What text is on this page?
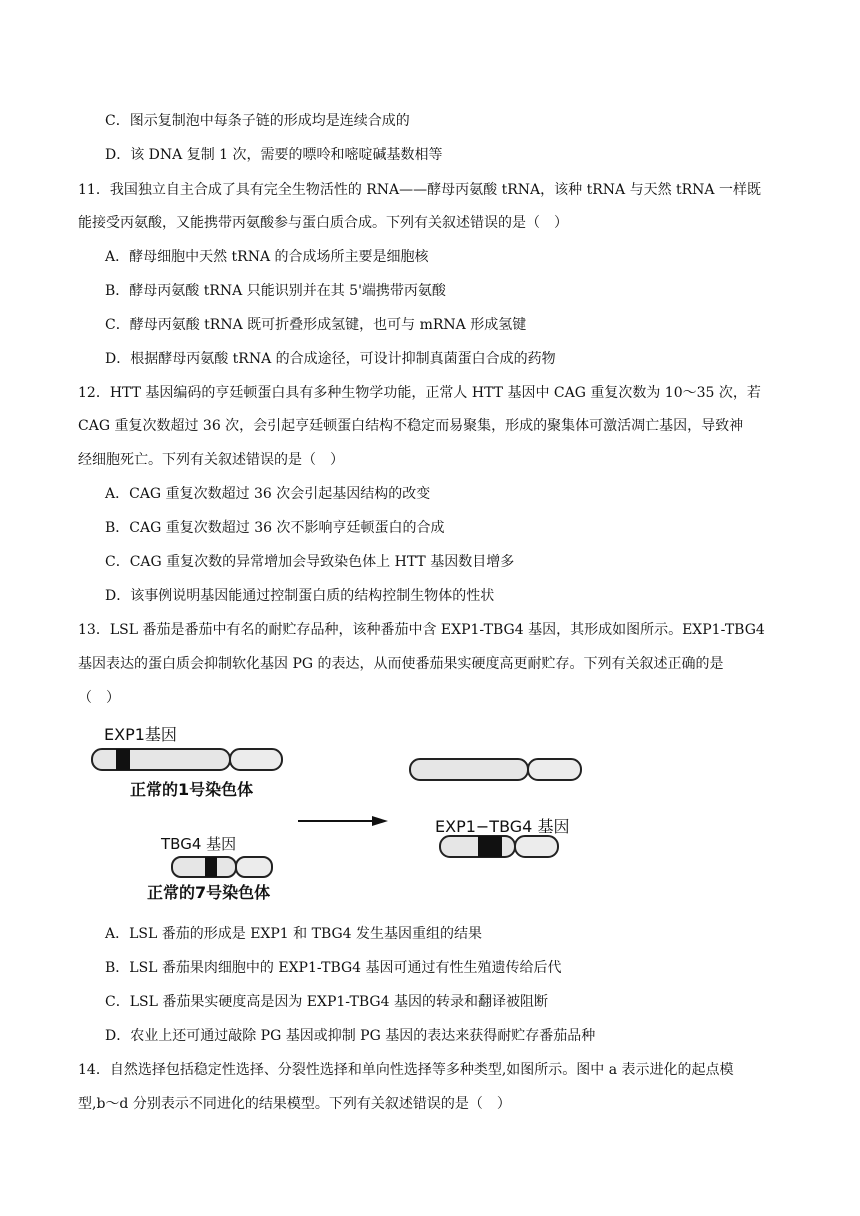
C．图示复制泡中每条子链的形成均是连续合成的
D．该 DNA 复制 1 次，需要的嘌呤和嘧啶碱基数相等
11．我国独立自主合成了具有完全生物活性的 RNA——酵母丙氨酸 tRNA，该种 tRNA 与天然 tRNA 一样既
能接受丙氨酸，又能携带丙氨酸参与蛋白质合成。下列有关叙述错误的是（　）
A．酵母细胞中天然 tRNA 的合成场所主要是细胞核
B．酵母丙氨酸 tRNA 只能识别并在其 5'端携带丙氨酸
C．酵母丙氨酸 tRNA 既可折叠形成氢键，也可与 mRNA 形成氢键
D．根据酵母丙氨酸 tRNA 的合成途径，可设计抑制真菌蛋白合成的药物
12．HTT 基因编码的亨廷顿蛋白具有多种生物学功能，正常人 HTT 基因中 CAG 重复次数为 10～35 次，若
CAG 重复次数超过 36 次，会引起亨廷顿蛋白结构不稳定而易聚集，形成的聚集体可激活凋亡基因，导致神
经细胞死亡。下列有关叙述错误的是（　）
A．CAG 重复次数超过 36 次会引起基因结构的改变
B．CAG 重复次数超过 36 次不影响亨廷顿蛋白的合成
C．CAG 重复次数的异常增加会导致染色体上 HTT 基因数目增多
D．该事例说明基因能通过控制蛋白质的结构控制生物体的性状
13．LSL 番茄是番茄中有名的耐贮存品种，该种番茄中含 EXP1-TBG4 基因，其形成如图所示。EXP1-TBG4
基因表达的蛋白质会抑制软化基因 PG 的表达，从而使番茄果实硬度高更耐贮存。下列有关叙述正确的是
（　）
EXP1基因
正常的1号染色体
TBG4 基因
正常的7号染色体
EXP1−TBG4 基因
A．LSL 番茄的形成是 EXP1 和 TBG4 发生基因重组的结果
B．LSL 番茄果肉细胞中的 EXP1-TBG4 基因可通过有性生殖遗传给后代
C．LSL 番茄果实硬度高是因为 EXP1-TBG4 基因的转录和翻译被阻断
D．农业上还可通过敲除 PG 基因或抑制 PG 基因的表达来获得耐贮存番茄品种
14．自然选择包括稳定性选择、分裂性选择和单向性选择等多种类型,如图所示。图中 a 表示进化的起点模
型,b～d 分别表示不同进化的结果模型。下列有关叙述错误的是（　）
